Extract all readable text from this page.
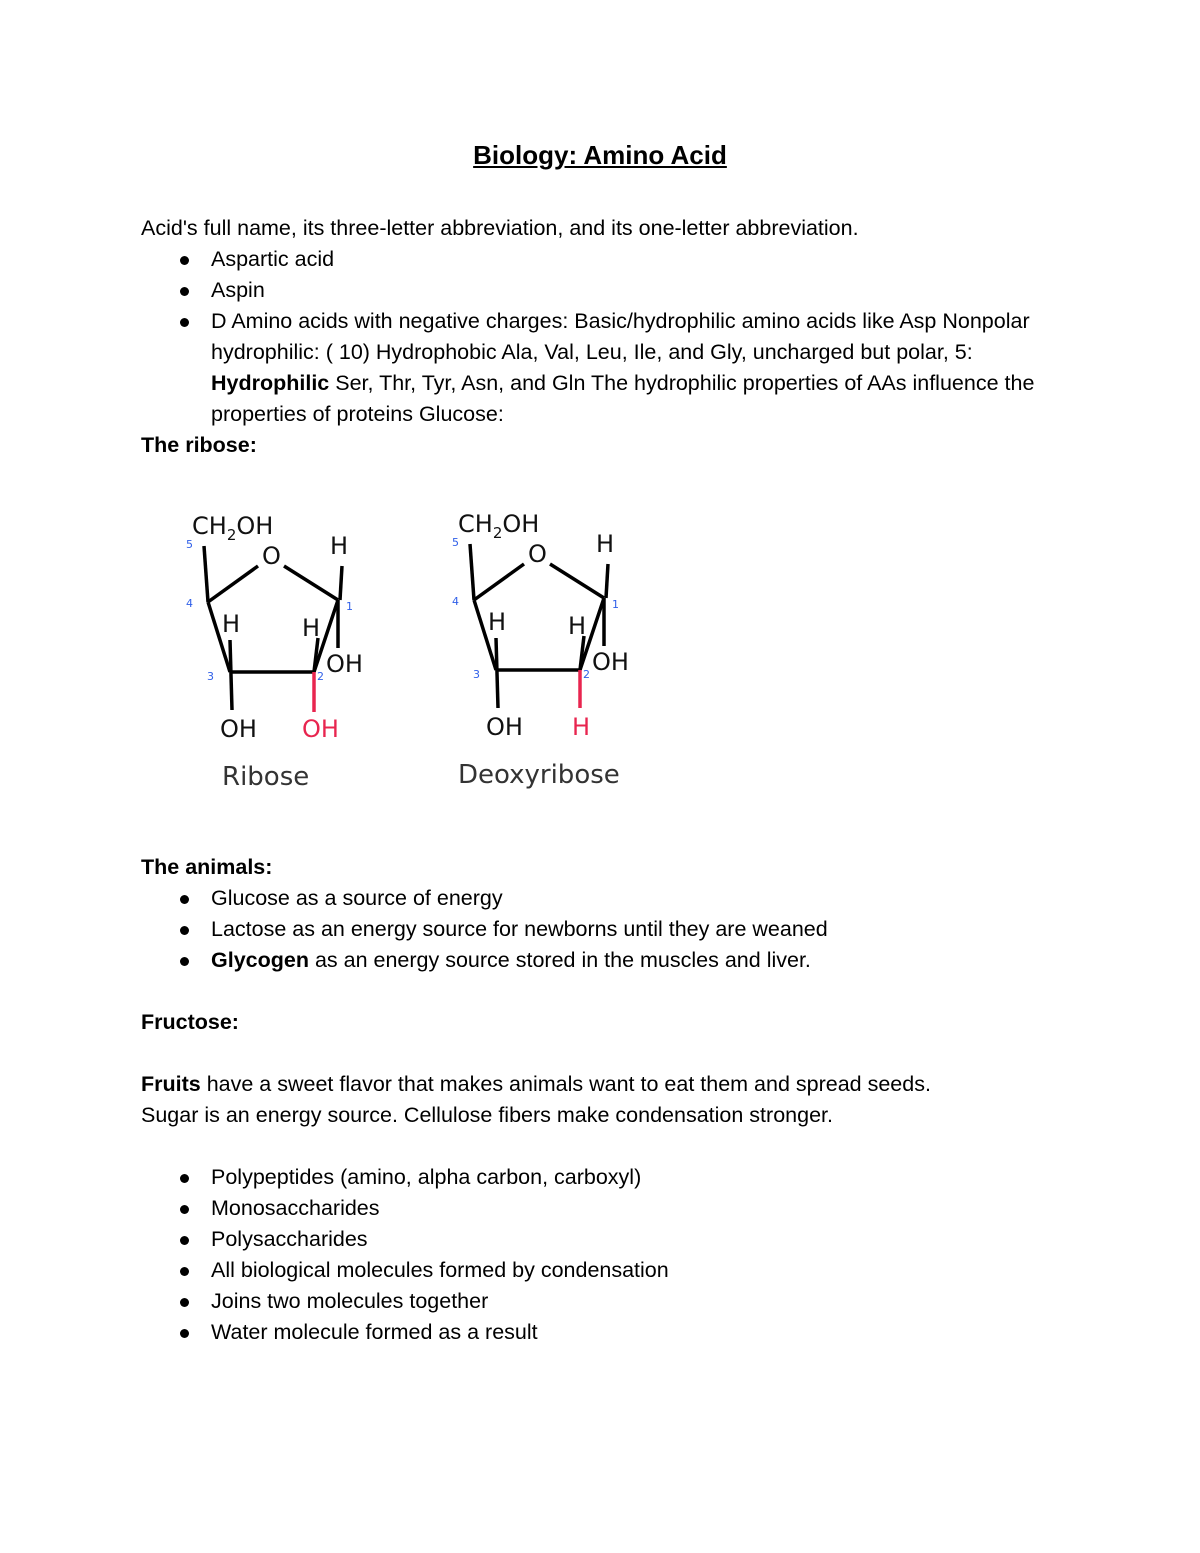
Biology: Amino Acid
Acid's full name, its three-letter abbreviation, and its one-letter abbreviation.
Aspartic acid
Aspin
D Amino acids with negative charges: Basic/hydrophilic amino acids like Asp Nonpolar hydrophilic: ( 10) Hydrophobic Ala, Val, Leu, Ile, and Gly, uncharged but polar, 5: Hydrophilic Ser, Thr, Tyr, Asn, and Gln The hydrophilic properties of AAs influence the properties of proteins Glucose:
The ribose:
$CH_2OH$
5	O H
4	1
H	H
OH
3	2
OH OH
Ribose
$CH_2OH$
5	O H
4	1
H	H
OH
3	2
OH H
Deoxyribose
The animals:
Glucose as a source of energy
Lactose as an energy source for newborns until they are weaned
Glycogen as an energy source stored in the muscles and liver.
Fructose:
Fruits have a sweet flavor that makes animals want to eat them and spread seeds.
Sugar is an energy source. Cellulose fibers make condensation stronger.
Polypeptides (amino, alpha carbon, carboxyl)
Monosaccharides
Polysaccharides
All biological molecules formed by condensation
Joins two molecules together
Water molecule formed as a result
